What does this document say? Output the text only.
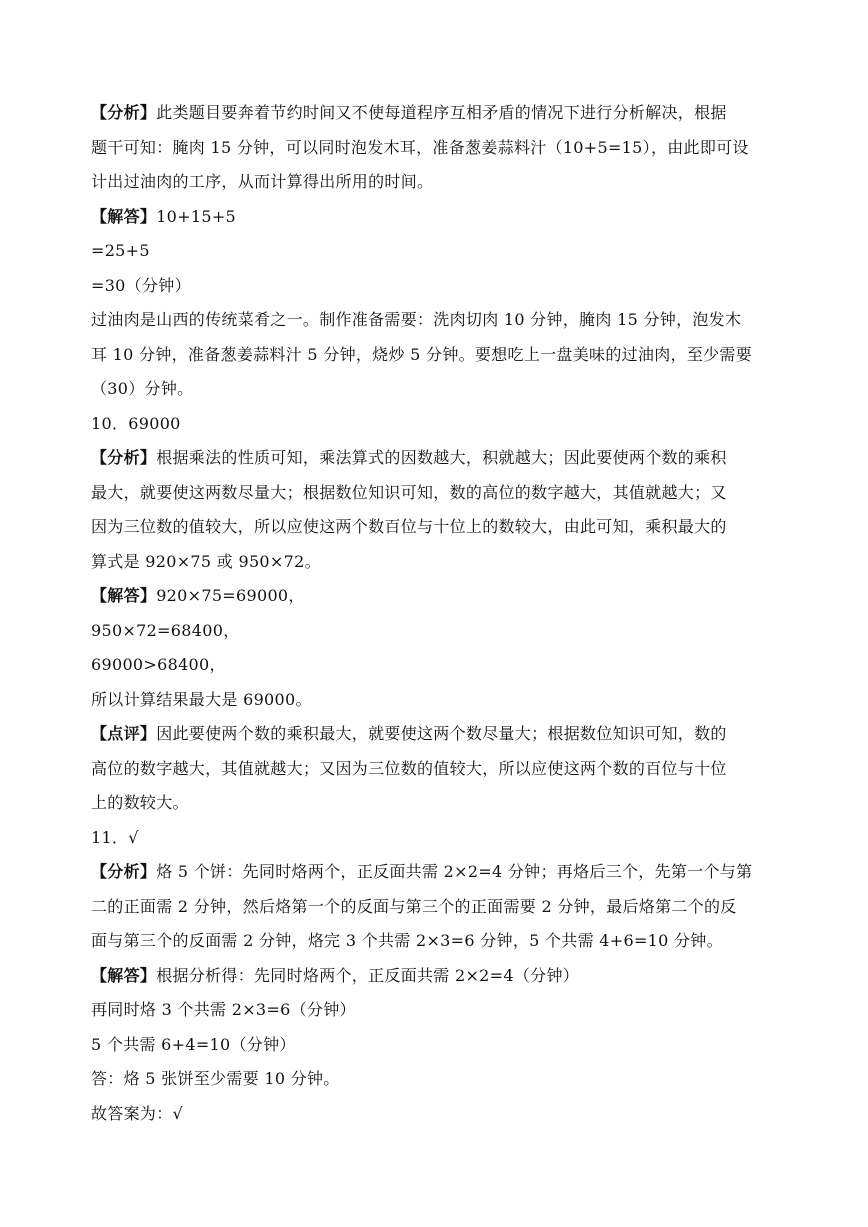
【分析】此类题目要奔着节约时间又不使每道程序互相矛盾的情况下进行分析解决，根据

题干可知：腌肉 15 分钟，可以同时泡发木耳，准备葱姜蒜料汁（10+5=15），由此即可设

计出过油肉的工序，从而计算得出所用的时间。

【解答】10+15+5

=25+5

=30（分钟）

过油肉是山西的传统菜肴之一。制作准备需要：洗肉切肉 10 分钟，腌肉 15 分钟，泡发木

耳 10 分钟，准备葱姜蒜料汁 5 分钟，烧炒 5 分钟。要想吃上一盘美味的过油肉，至少需要

（30）分钟。

10．69000

【分析】根据乘法的性质可知，乘法算式的因数越大，积就越大；因此要使两个数的乘积

最大，就要使这两数尽量大；根据数位知识可知，数的高位的数字越大，其值就越大；又

因为三位数的值较大，所以应使这两个数百位与十位上的数较大，由此可知，乘积最大的

算式是 920×75 或 950×72。

【解答】920×75=69000，

950×72=68400，

69000>68400，

所以计算结果最大是 69000。

【点评】因此要使两个数的乘积最大，就要使这两个数尽量大；根据数位知识可知，数的

高位的数字越大，其值就越大；又因为三位数的值较大，所以应使这两个数的百位与十位

上的数较大。

11．√

【分析】烙 5 个饼：先同时烙两个，正反面共需 2×2=4 分钟；再烙后三个，先第一个与第

二的正面需 2 分钟，然后烙第一个的反面与第三个的正面需要 2 分钟，最后烙第二个的反

面与第三个的反面需 2 分钟，烙完 3 个共需 2×3=6 分钟，5 个共需 4+6=10 分钟。

【解答】根据分析得：先同时烙两个，正反面共需 2×2=4（分钟）

再同时烙 3 个共需 2×3=6（分钟）

5 个共需 6+4=10（分钟）

答：烙 5 张饼至少需要 10 分钟。

故答案为：√
